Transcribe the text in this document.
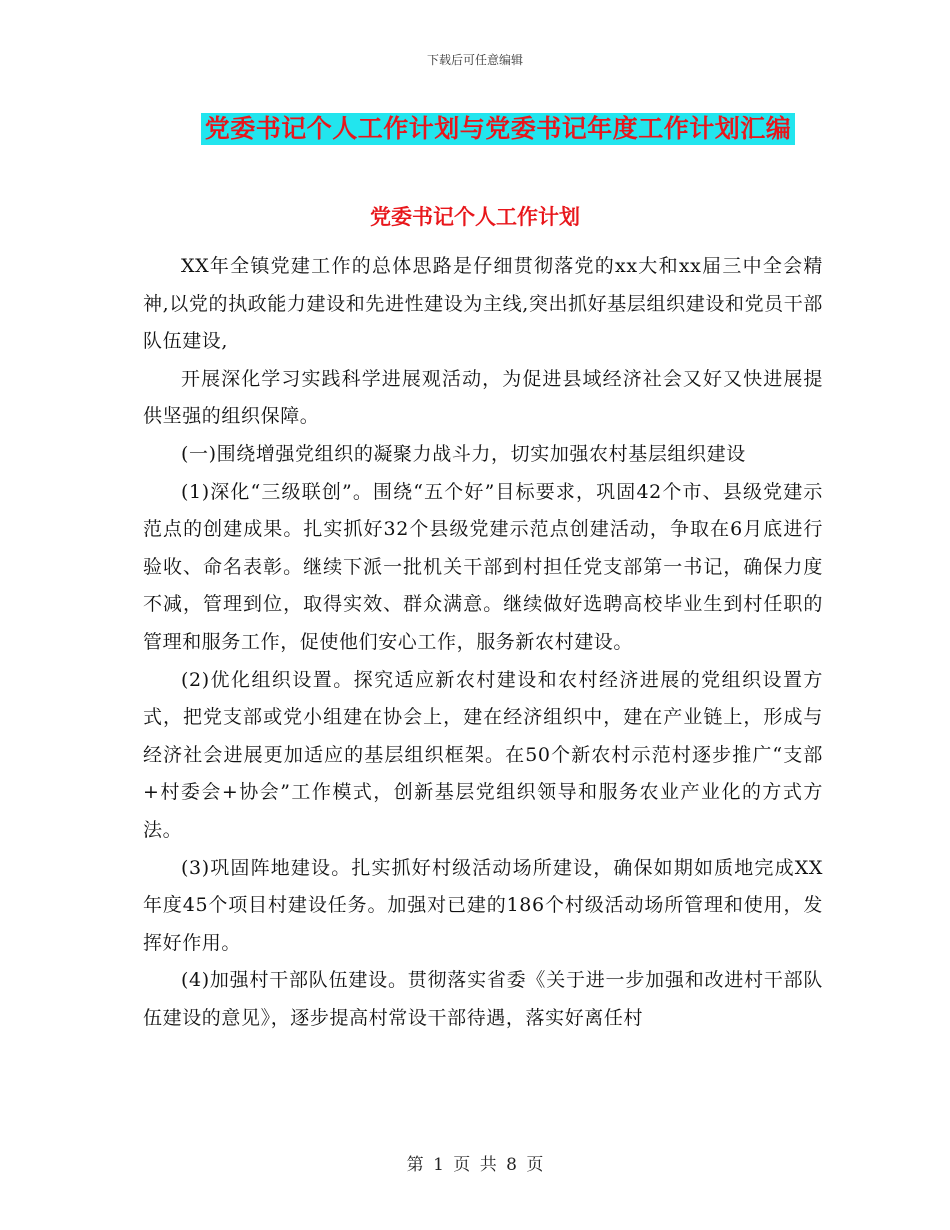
下载后可任意编辑
党委书记个人工作计划与党委书记年度工作计划汇编
党委书记个人工作计划

XX年全镇党建工作的总体思路是仔细贯彻落党的xx大和xx届三中全会精神,以党的执政能力建设和先进性建设为主线,突出抓好基层组织建设和党员干部队伍建设,

开展深化学习实践科学进展观活动，为促进县域经济社会又好又快进展提供坚强的组织保障。

(一)围绕增强党组织的凝聚力战斗力，切实加强农村基层组织建设

(1)深化“三级联创”。围绕“五个好”目标要求，巩固42个市、县级党建示范点的创建成果。扎实抓好32个县级党建示范点创建活动，争取在6月底进行验收、命名表彰。继续下派一批机关干部到村担任党支部第一书记，确保力度不减，管理到位，取得实效、群众满意。继续做好选聘高校毕业生到村任职的管理和服务工作，促使他们安心工作，服务新农村建设。

(2)优化组织设置。探究适应新农村建设和农村经济进展的党组织设置方式，把党支部或党小组建在协会上，建在经济组织中，建在产业链上，形成与经济社会进展更加适应的基层组织框架。在50个新农村示范村逐步推广“支部+村委会+协会”工作模式，创新基层党组织领导和服务农业产业化的方式方法。

(3)巩固阵地建设。扎实抓好村级活动场所建设，确保如期如质地完成XX年度45个项目村建设任务。加强对已建的186个村级活动场所管理和使用，发挥好作用。

(4)加强村干部队伍建设。贯彻落实省委《关于进一步加强和改进村干部队伍建设的意见》，逐步提高村常设干部待遇，落实好离任村

第 1 页 共 8 页
